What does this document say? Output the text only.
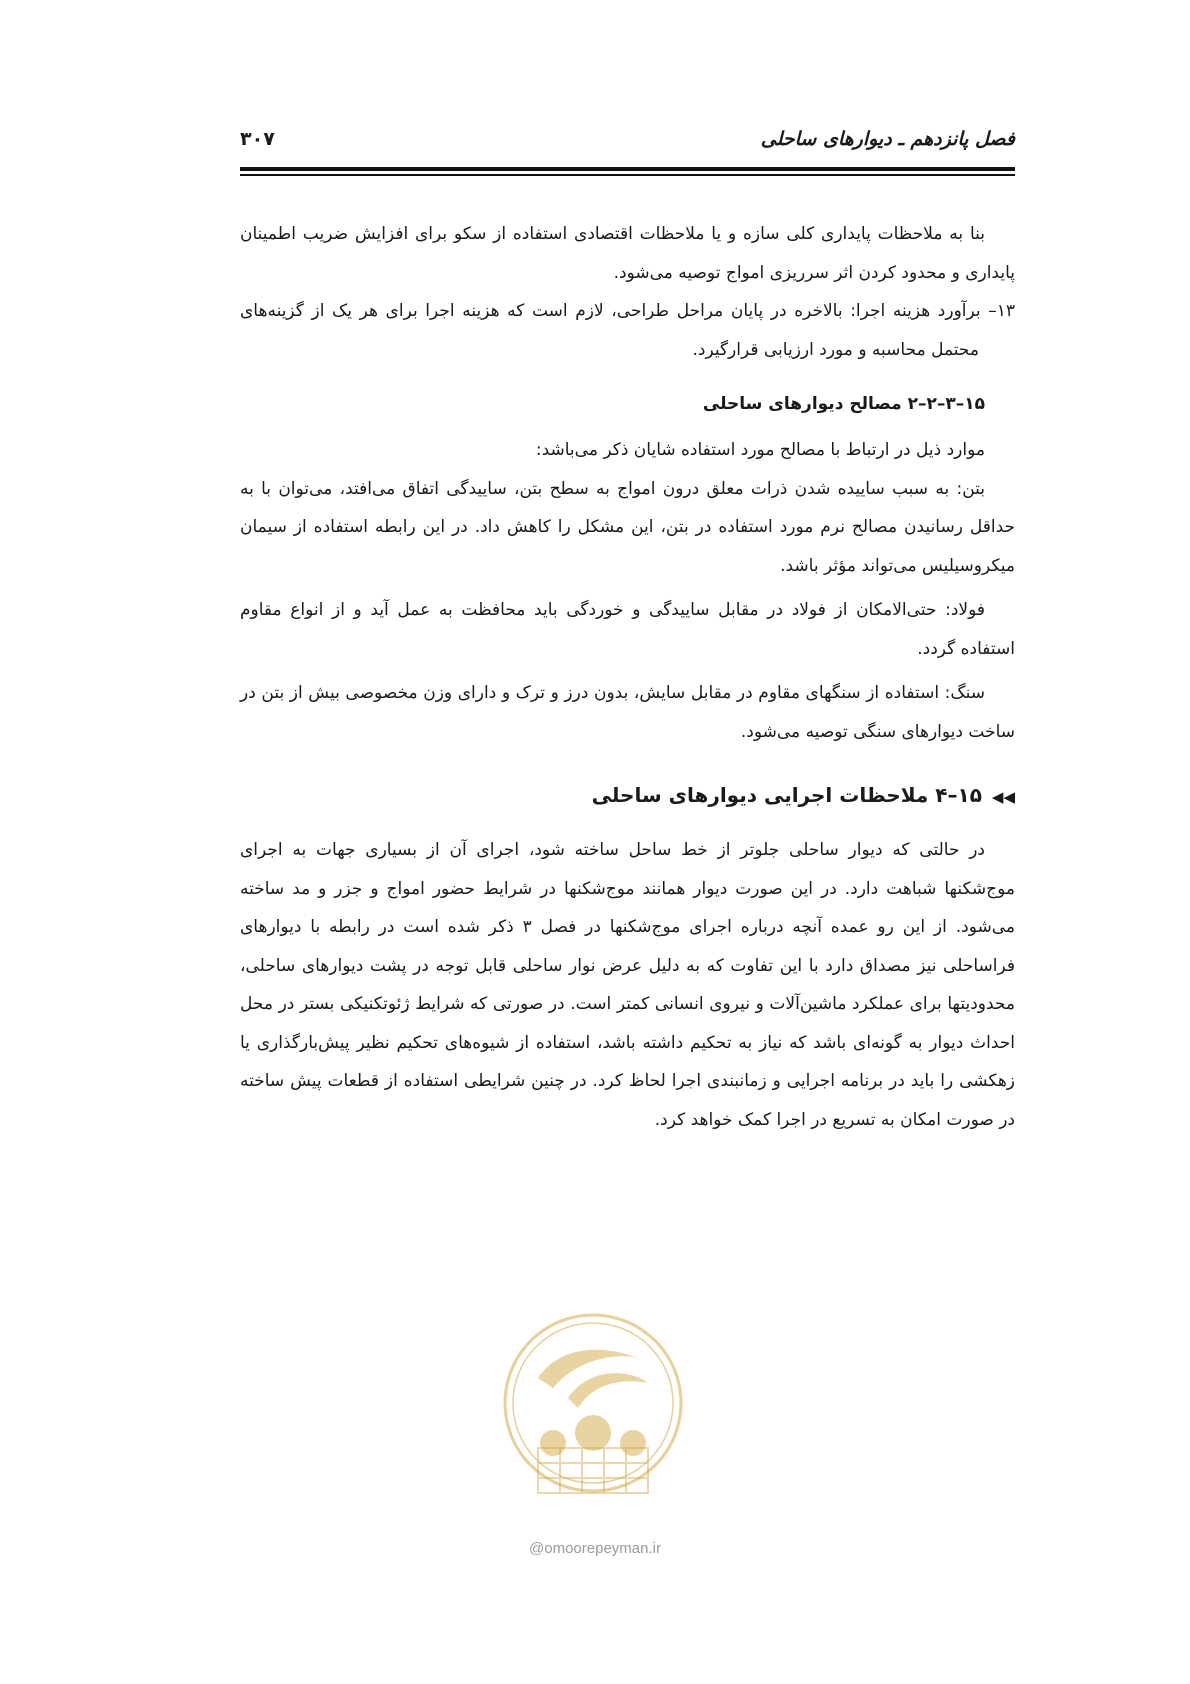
فصل پانزدهم ـ دیوارهای ساحلی
۳۰۷

بنا به ملاحظات پایداری کلی سازه و یا ملاحظات اقتصادی استفاده از سکو برای افزایش ضریب اطمینان پایداری و محدود کردن اثر سرریزی امواج توصیه می‌شود.

۱۳– برآورد هزینه اجرا: بالاخره در پایان مراحل طراحی، لازم است که هزینه اجرا برای هر یک از گزینه‌های محتمل محاسبه و مورد ارزیابی قرارگیرد.

۱۵–۳–۲–۲ مصالح دیوارهای ساحلی

موارد ذیل در ارتباط با مصالح مورد استفاده شایان ذکر می‌باشد:

بتن: به سبب ساییده شدن ذرات معلق درون امواج به سطح بتن، ساییدگی اتفاق می‌افتد، می‌توان با به حداقل رسانیدن مصالح نرم مورد استفاده در بتن، این مشکل را کاهش داد. در این رابطه استفاده از سیمان میکروسیلیس می‌تواند مؤثر باشد.

فولاد: حتی‌الامکان از فولاد در مقابل ساییدگی و خوردگی باید محافظت به عمل آید و از انواع مقاوم استفاده گردد.

سنگ: استفاده از سنگهای مقاوم در مقابل سایش، بدون درز و ترک و دارای وزن مخصوصی بیش از بتن در ساخت دیوارهای سنگی توصیه می‌شود.

◀◀۱۵–۴ ملاحظات اجرایی دیوارهای ساحلی

در حالتی که دیوار ساحلی جلوتر از خط ساحل ساخته شود، اجرای آن از بسیاری جهات به اجرای موج‌شکنها شباهت دارد. در این صورت دیوار همانند موج‌شکنها در شرایط حضور امواج و جزر و مد ساخته می‌شود. از این رو عمده آنچه درباره اجرای موج‌شکنها در فصل ۳ ذکر شده است در رابطه با دیوارهای فراساحلی نیز مصداق دارد با این تفاوت که به دلیل عرض نوار ساحلی قابل توجه در پشت دیوارهای ساحلی، محدودیتها برای عملکرد ماشین‌آلات و نیروی انسانی کمتر است. در صورتی که شرایط ژئوتکنیکی بستر در محل احداث دیوار به گونه‌ای باشد که نیاز به تحکیم داشته باشد، استفاده از شیوه‌های تحکیم نظیر پیش‌بارگذاری یا زهکشی را باید در برنامه اجرایی و زمانبندی اجرا لحاظ کرد. در چنین شرایطی استفاده از قطعات پیش ساخته در صورت امکان به تسریع در اجرا کمک خواهد کرد.

@omoorepeyman.ir
